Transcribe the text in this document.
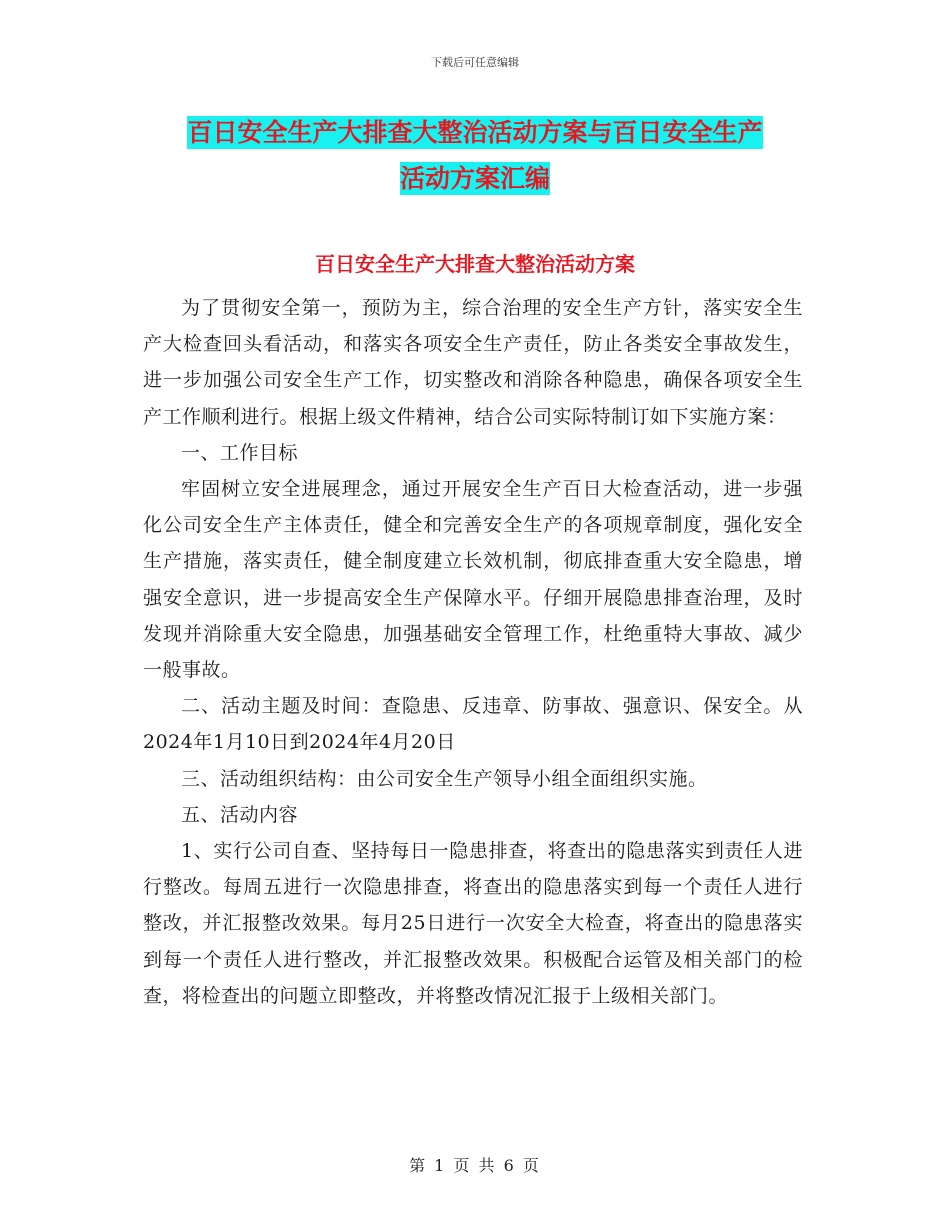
下载后可任意编辑
百日安全生产大排查大整治活动方案与百日安全生产
活动方案汇编
百日安全生产大排查大整治活动方案

为了贯彻安全第一，预防为主，综合治理的安全生产方针，落实安全生产大检查回头看活动，和落实各项安全生产责任，防止各类安全事故发生，进一步加强公司安全生产工作，切实整改和消除各种隐患，确保各项安全生产工作顺利进行。根据上级文件精神，结合公司实际特制订如下实施方案：

一、工作目标

牢固树立安全进展理念，通过开展安全生产百日大检查活动，进一步强化公司安全生产主体责任，健全和完善安全生产的各项规章制度，强化安全生产措施，落实责任，健全制度建立长效机制，彻底排查重大安全隐患，增强安全意识，进一步提高安全生产保障水平。仔细开展隐患排查治理，及时发现并消除重大安全隐患，加强基础安全管理工作，杜绝重特大事故、减少一般事故。

二、活动主题及时间：查隐患、反违章、防事故、强意识、保安全。从2024年1月10日到2024年4月20日

三、活动组织结构：由公司安全生产领导小组全面组织实施。

五、活动内容

1、实行公司自查、坚持每日一隐患排查，将查出的隐患落实到责任人进行整改。每周五进行一次隐患排查，将查出的隐患落实到每一个责任人进行整改，并汇报整改效果。每月25日进行一次安全大检查，将查出的隐患落实到每一个责任人进行整改，并汇报整改效果。积极配合运管及相关部门的检查，将检查出的问题立即整改，并将整改情况汇报于上级相关部门。

第 1 页 共 6 页
